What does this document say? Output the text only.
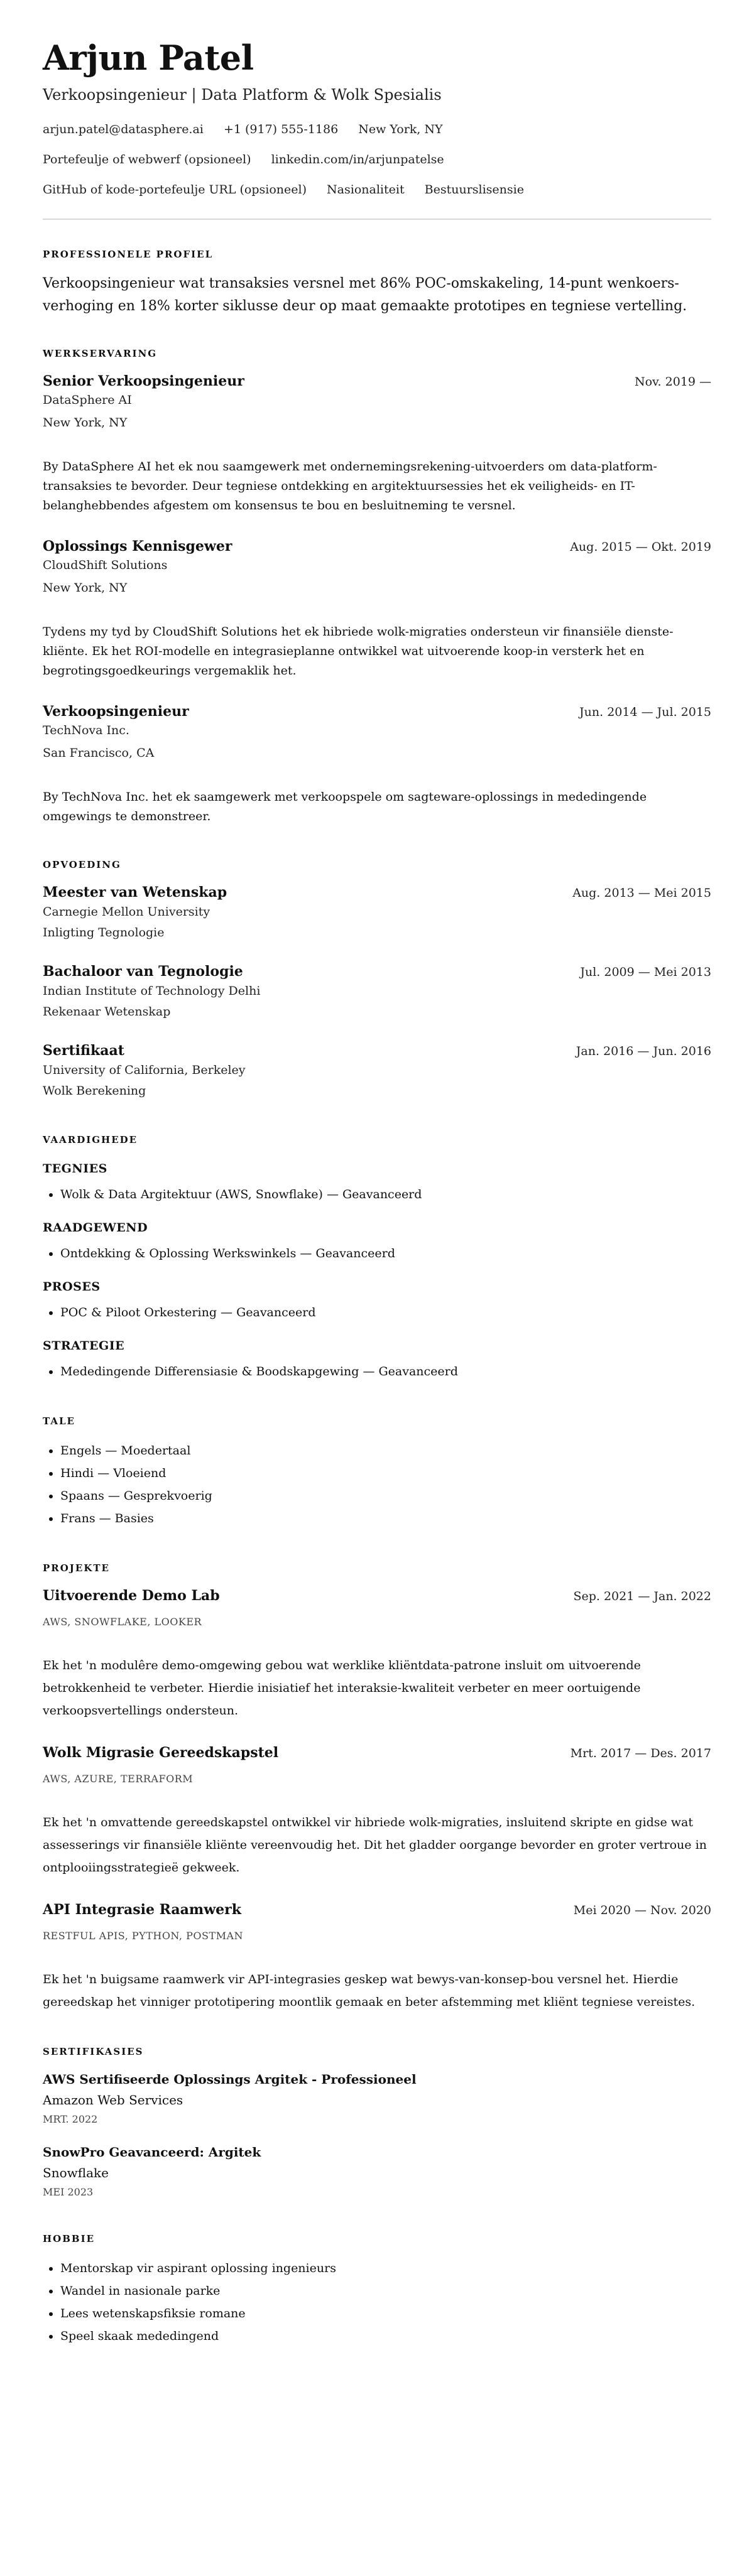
Arjun Patel
Verkoopsingenieur | Data Platform & Wolk Spesialis
arjun.patel@datasphere.ai +1 (917) 555-1186 New York, NY
Portefeulje of webwerf (opsioneel) linkedin.com/in/arjunpatelse
GitHub of kode-portefeulje URL (opsioneel) Nasionaliteit Bestuurslisensie
PROFESSIONELE PROFIEL

Verkoopsingenieur wat transaksies versnel met 86% POC-omskakeling, 14-punt wenkoers-verhoging en 18% korter siklusse deur op maat gemaakte prototipes en tegniese vertelling.

WERKSERVARING
Senior Verkoopsingenieur	Nov. 2019 —
DataSphere AI
New York, NY
By DataSphere AI het ek nou saamgewerk met ondernemingsrekening-uitvoerders om data-platform-transaksies te bevorder. Deur tegniese ontdekking en argitektuursessies het ek veiligheids- en IT-belanghebbendes afgestem om konsensus te bou en besluitneming te versnel.
Oplossings Kennisgewer	Aug. 2015 — Okt. 2019
CloudShift Solutions
New York, NY
Tydens my tyd by CloudShift Solutions het ek hibriede wolk-migraties ondersteun vir finansiële dienste-kliënte. Ek het ROI-modelle en integrasieplanne ontwikkel wat uitvoerende koop-in versterk het en begrotingsgoedkeurings vergemaklik het.
Verkoopsingenieur	Jun. 2014 — Jul. 2015
TechNova Inc.
San Francisco, CA
By TechNova Inc. het ek saamgewerk met verkoopspele om sagteware-oplossings in mededingende omgewings te demonstreer.
OPVOEDING
Meester van Wetenskap	Aug. 2013 — Mei 2015
Carnegie Mellon University
Inligting Tegnologie
Bachaloor van Tegnologie	Jul. 2009 — Mei 2013
Indian Institute of Technology Delhi
Rekenaar Wetenskap
Sertifikaat	Jan. 2016 — Jun. 2016
University of California, Berkeley
Wolk Berekening
VAARDIGHEDE
TEGNIES
• Wolk & Data Argitektuur (AWS, Snowflake) — Geavanceerd
RAADGEWEND
• Ontdekking & Oplossing Werkswinkels — Geavanceerd
PROSES
• POC & Piloot Orkestering — Geavanceerd
STRATEGIE
• Mededingende Differensiasie & Boodskapgewing — Geavanceerd
TALE
• Engels — Moedertaal
• Hindi — Vloeiend
• Spaans — Gesprekvoerig
• Frans — Basies
PROJEKTE
Uitvoerende Demo Lab	Sep. 2021 — Jan. 2022
AWS, SNOWFLAKE, LOOKER
Ek het 'n modulêre demo-omgewing gebou wat werklike kliëntdata-patrone insluit om uitvoerende betrokkenheid te verbeter. Hierdie inisiatief het interaksie-kwaliteit verbeter en meer oortuigende verkoopsvertellings ondersteun.
Wolk Migrasie Gereedskapstel	Mrt. 2017 — Des. 2017
AWS, AZURE, TERRAFORM
Ek het 'n omvattende gereedskapstel ontwikkel vir hibriede wolk-migraties, insluitend skripte en gidse wat assesserings vir finansiële kliënte vereenvoudig het. Dit het gladder oorgange bevorder en groter vertroue in ontplooiingsstrategieë gekweek.
API Integrasie Raamwerk	Mei 2020 — Nov. 2020
RESTFUL APIS, PYTHON, POSTMAN
Ek het 'n buigsame raamwerk vir API-integrasies geskep wat bewys-van-konsep-bou versnel het. Hierdie gereedskap het vinniger prototipering moontlik gemaak en beter afstemming met kliënt tegniese vereistes.
SERTIFIKASIES
AWS Sertifiseerde Oplossings Argitek - Professioneel
Amazon Web Services
MRT. 2022
SnowPro Geavanceerd: Argitek
Snowflake
MEI 2023
HOBBIE
• Mentorskap vir aspirant oplossing ingenieurs
• Wandel in nasionale parke
• Lees wetenskapsfiksie romane
• Speel skaak mededingend
